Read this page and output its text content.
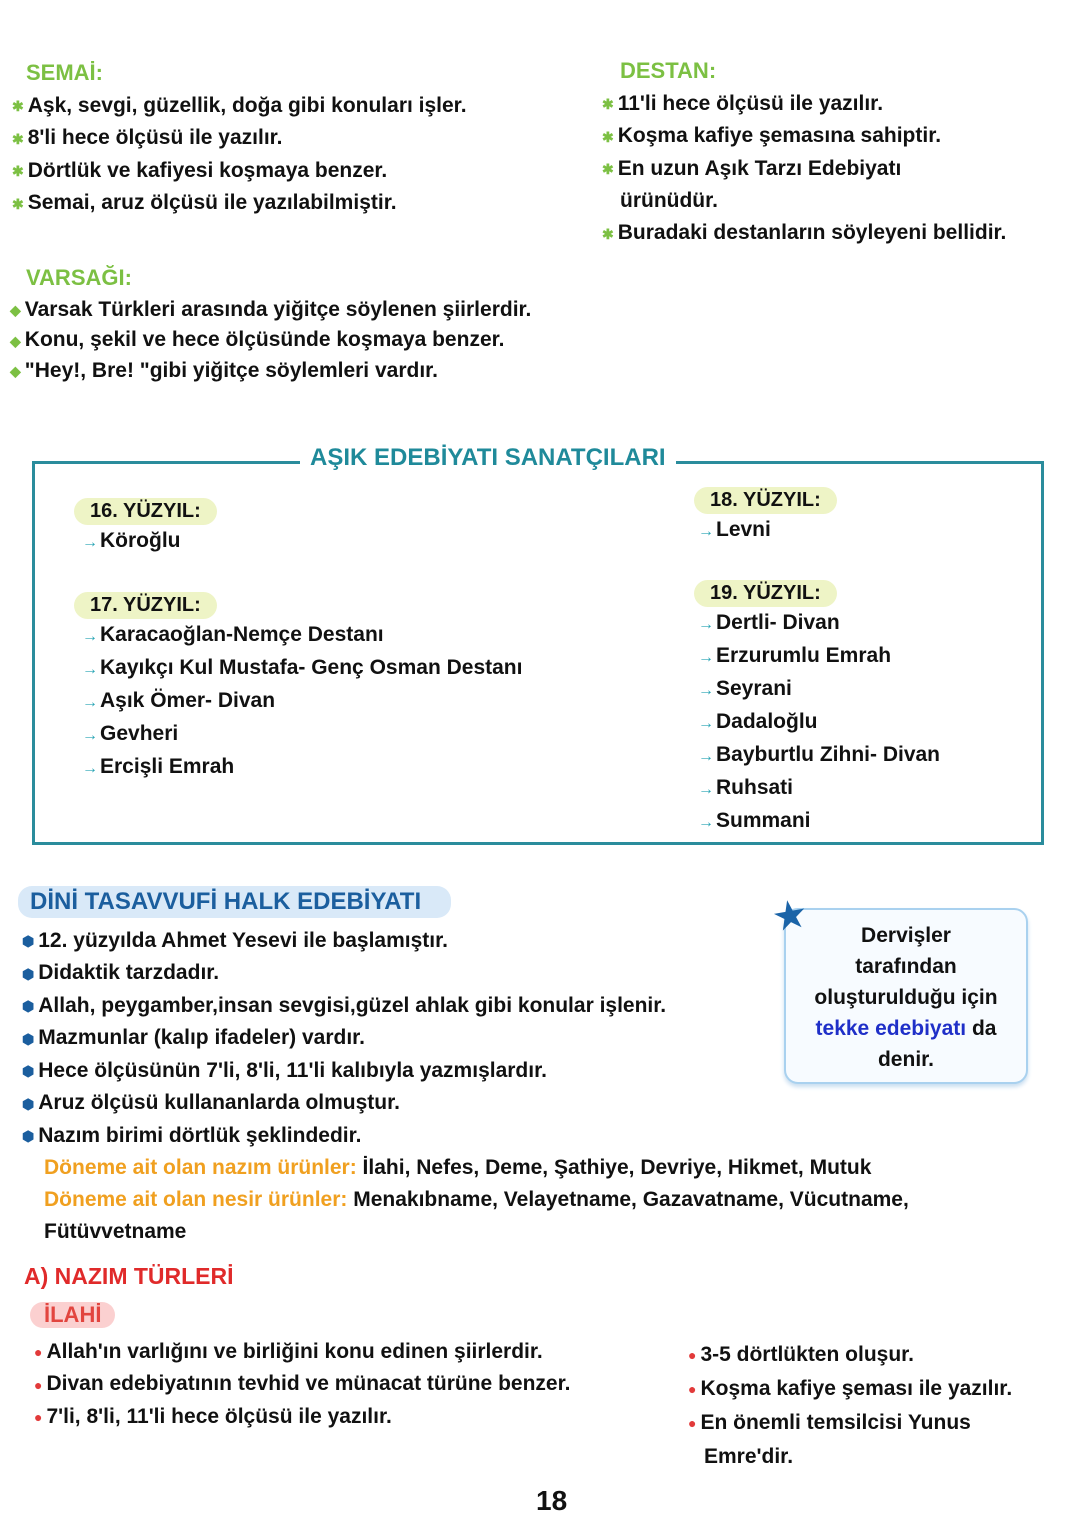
SEMAİ:
✱ Aşk, sevgi, güzellik, doğa gibi konuları işler.
✱ 8'li hece ölçüsü ile yazılır.
✱ Dörtlük ve kafiyesi koşmaya benzer.
✱ Semai, aruz ölçüsü ile yazılabilmiştir.
DESTAN:
✱ 11'li hece ölçüsü ile yazılır.
✱ Koşma kafiye şemasına sahiptir.
✱ En uzun Aşık Tarzı Edebiyatı
ürünüdür.
✱ Buradaki destanların söyleyeni bellidir.
VARSAĞI:
◆ Varsak Türkleri arasında yiğitçe söylenen şiirlerdir.
◆ Konu, şekil ve hece ölçüsünde koşmaya benzer.
◆ "Hey!, Bre! "gibi yiğitçe söylemleri vardır.
AŞIK EDEBİYATI SANATÇILARI
16. YÜZYIL:
→Köroğlu
17. YÜZYIL:
→Karacaoğlan-Nemçe Destanı
→Kayıkçı Kul Mustafa- Genç Osman Destanı
→Aşık Ömer- Divan
→Gevheri
→Ercişli Emrah
18. YÜZYIL:
→Levni
19. YÜZYIL:
→Dertli- Divan
→Erzurumlu Emrah
→Seyrani
→Dadaloğlu
→Bayburtlu Zihni- Divan
→Ruhsati
→Summani
DİNİ TASAVVUFİ HALK EDEBİYATI
⬢ 12. yüzyılda Ahmet Yesevi ile başlamıştır.
⬢ Didaktik tarzdadır.
⬢ Allah, peygamber,insan sevgisi,güzel ahlak gibi konular işlenir.
⬢ Mazmunlar (kalıp ifadeler) vardır.
⬢ Hece ölçüsünün 7'li, 8'li, 11'li kalıbıyla yazmışlardır.
⬢ Aruz ölçüsü kullananlarda olmuştur.
⬢ Nazım birimi dörtlük şeklindedir.
Döneme ait olan nazım ürünler: İlahi, Nefes, Deme, Şathiye, Devriye, Hikmet, Mutuk
Döneme ait olan nesir ürünler: Menakıbname, Velayetname, Gazavatname, Vücutname,
Fütüvvetname
Dervişler
tarafından
oluşturulduğu için
tekke edebiyatı da
denir.
★
A) NAZIM TÜRLERİ
İLAHİ
● Allah'ın varlığını ve birliğini konu edinen şiirlerdir.
● Divan edebiyatının tevhid ve münacat türüne benzer.
● 7'li, 8'li, 11'li hece ölçüsü ile yazılır.
● 3-5 dörtlükten oluşur.
● Koşma kafiye şeması ile yazılır.
● En önemli temsilcisi Yunus
Emre'dir.
18
